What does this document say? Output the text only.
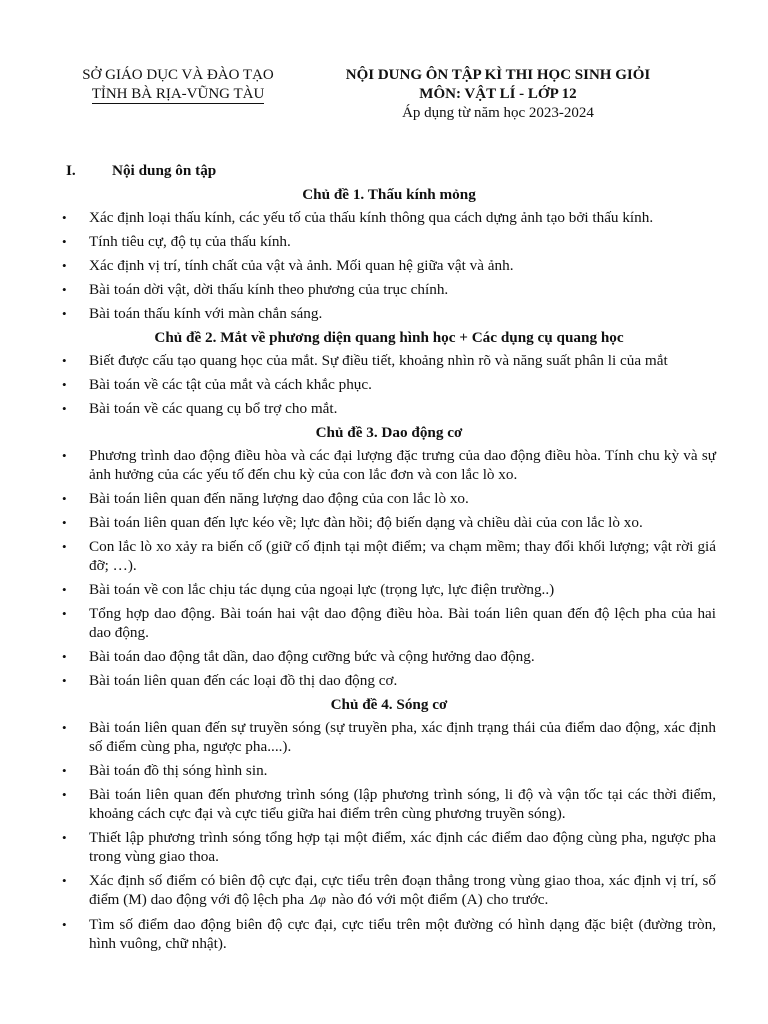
SỞ GIÁO DỤC VÀ ĐÀO TẠO
TỈNH BÀ RỊA-VŨNG TÀU
NỘI DUNG ÔN TẬP KÌ THI HỌC SINH GIỎI
MÔN: VẬT LÍ - LỚP 12
Áp dụng từ năm học 2023-2024
I. Nội dung ôn tập
Chủ đề 1. Thấu kính mỏng
• Xác định loại thấu kính, các yếu tố của thấu kính thông qua cách dựng ảnh tạo bởi thấu kính.
• Tính tiêu cự, độ tụ của thấu kính.
• Xác định vị trí, tính chất của vật và ảnh. Mối quan hệ giữa vật và ảnh.
• Bài toán dời vật, dời thấu kính theo phương của trục chính.
• Bài toán thấu kính với màn chắn sáng.
Chủ đề 2. Mắt về phương diện quang hình học + Các dụng cụ quang học
• Biết được cấu tạo quang học của mắt. Sự điều tiết, khoảng nhìn rõ và năng suất phân li của mắt
• Bài toán về các tật của mắt và cách khắc phục.
• Bài toán về các quang cụ bổ trợ cho mắt.
Chủ đề 3. Dao động cơ
• Phương trình dao động điều hòa và các đại lượng đặc trưng của dao động điều hòa. Tính chu kỳ và sự ảnh hưởng của các yếu tố đến chu kỳ của con lắc đơn và con lắc lò xo.
• Bài toán liên quan đến năng lượng dao động của con lắc lò xo.
• Bài toán liên quan đến lực kéo về; lực đàn hồi; độ biến dạng và chiều dài của con lắc lò xo.
• Con lắc lò xo xảy ra biến cố (giữ cố định tại một điểm; va chạm mềm; thay đổi khối lượng; vật rời giá đỡ; …).
• Bài toán về con lắc chịu tác dụng của ngoại lực (trọng lực, lực điện trường..)
• Tổng hợp dao động. Bài toán hai vật dao động điều hòa. Bài toán liên quan đến độ lệch pha của hai dao động.
• Bài toán dao động tắt dần, dao động cưỡng bức và cộng hưởng dao động.
• Bài toán liên quan đến các loại đồ thị dao động cơ.
Chủ đề 4. Sóng cơ
• Bài toán liên quan đến sự truyền sóng (sự truyền pha, xác định trạng thái của điểm dao động, xác định số điểm cùng pha, ngược pha....).
• Bài toán đồ thị sóng hình sin.
• Bài toán liên quan đến phương trình sóng (lập phương trình sóng, li độ và vận tốc tại các thời điểm, khoảng cách cực đại và cực tiểu giữa hai điểm trên cùng phương truyền sóng).
• Thiết lập phương trình sóng tổng hợp tại một điểm, xác định các điểm dao động cùng pha, ngược pha trong vùng giao thoa.
• Xác định số điểm có biên độ cực đại, cực tiểu trên đoạn thẳng trong vùng giao thoa, xác định vị trí, số điểm (M) dao động với độ lệch pha Δφ nào đó với một điểm (A) cho trước.
• Tìm số điểm dao động biên độ cực đại, cực tiểu trên một đường có hình dạng đặc biệt (đường tròn, hình vuông, chữ nhật).
